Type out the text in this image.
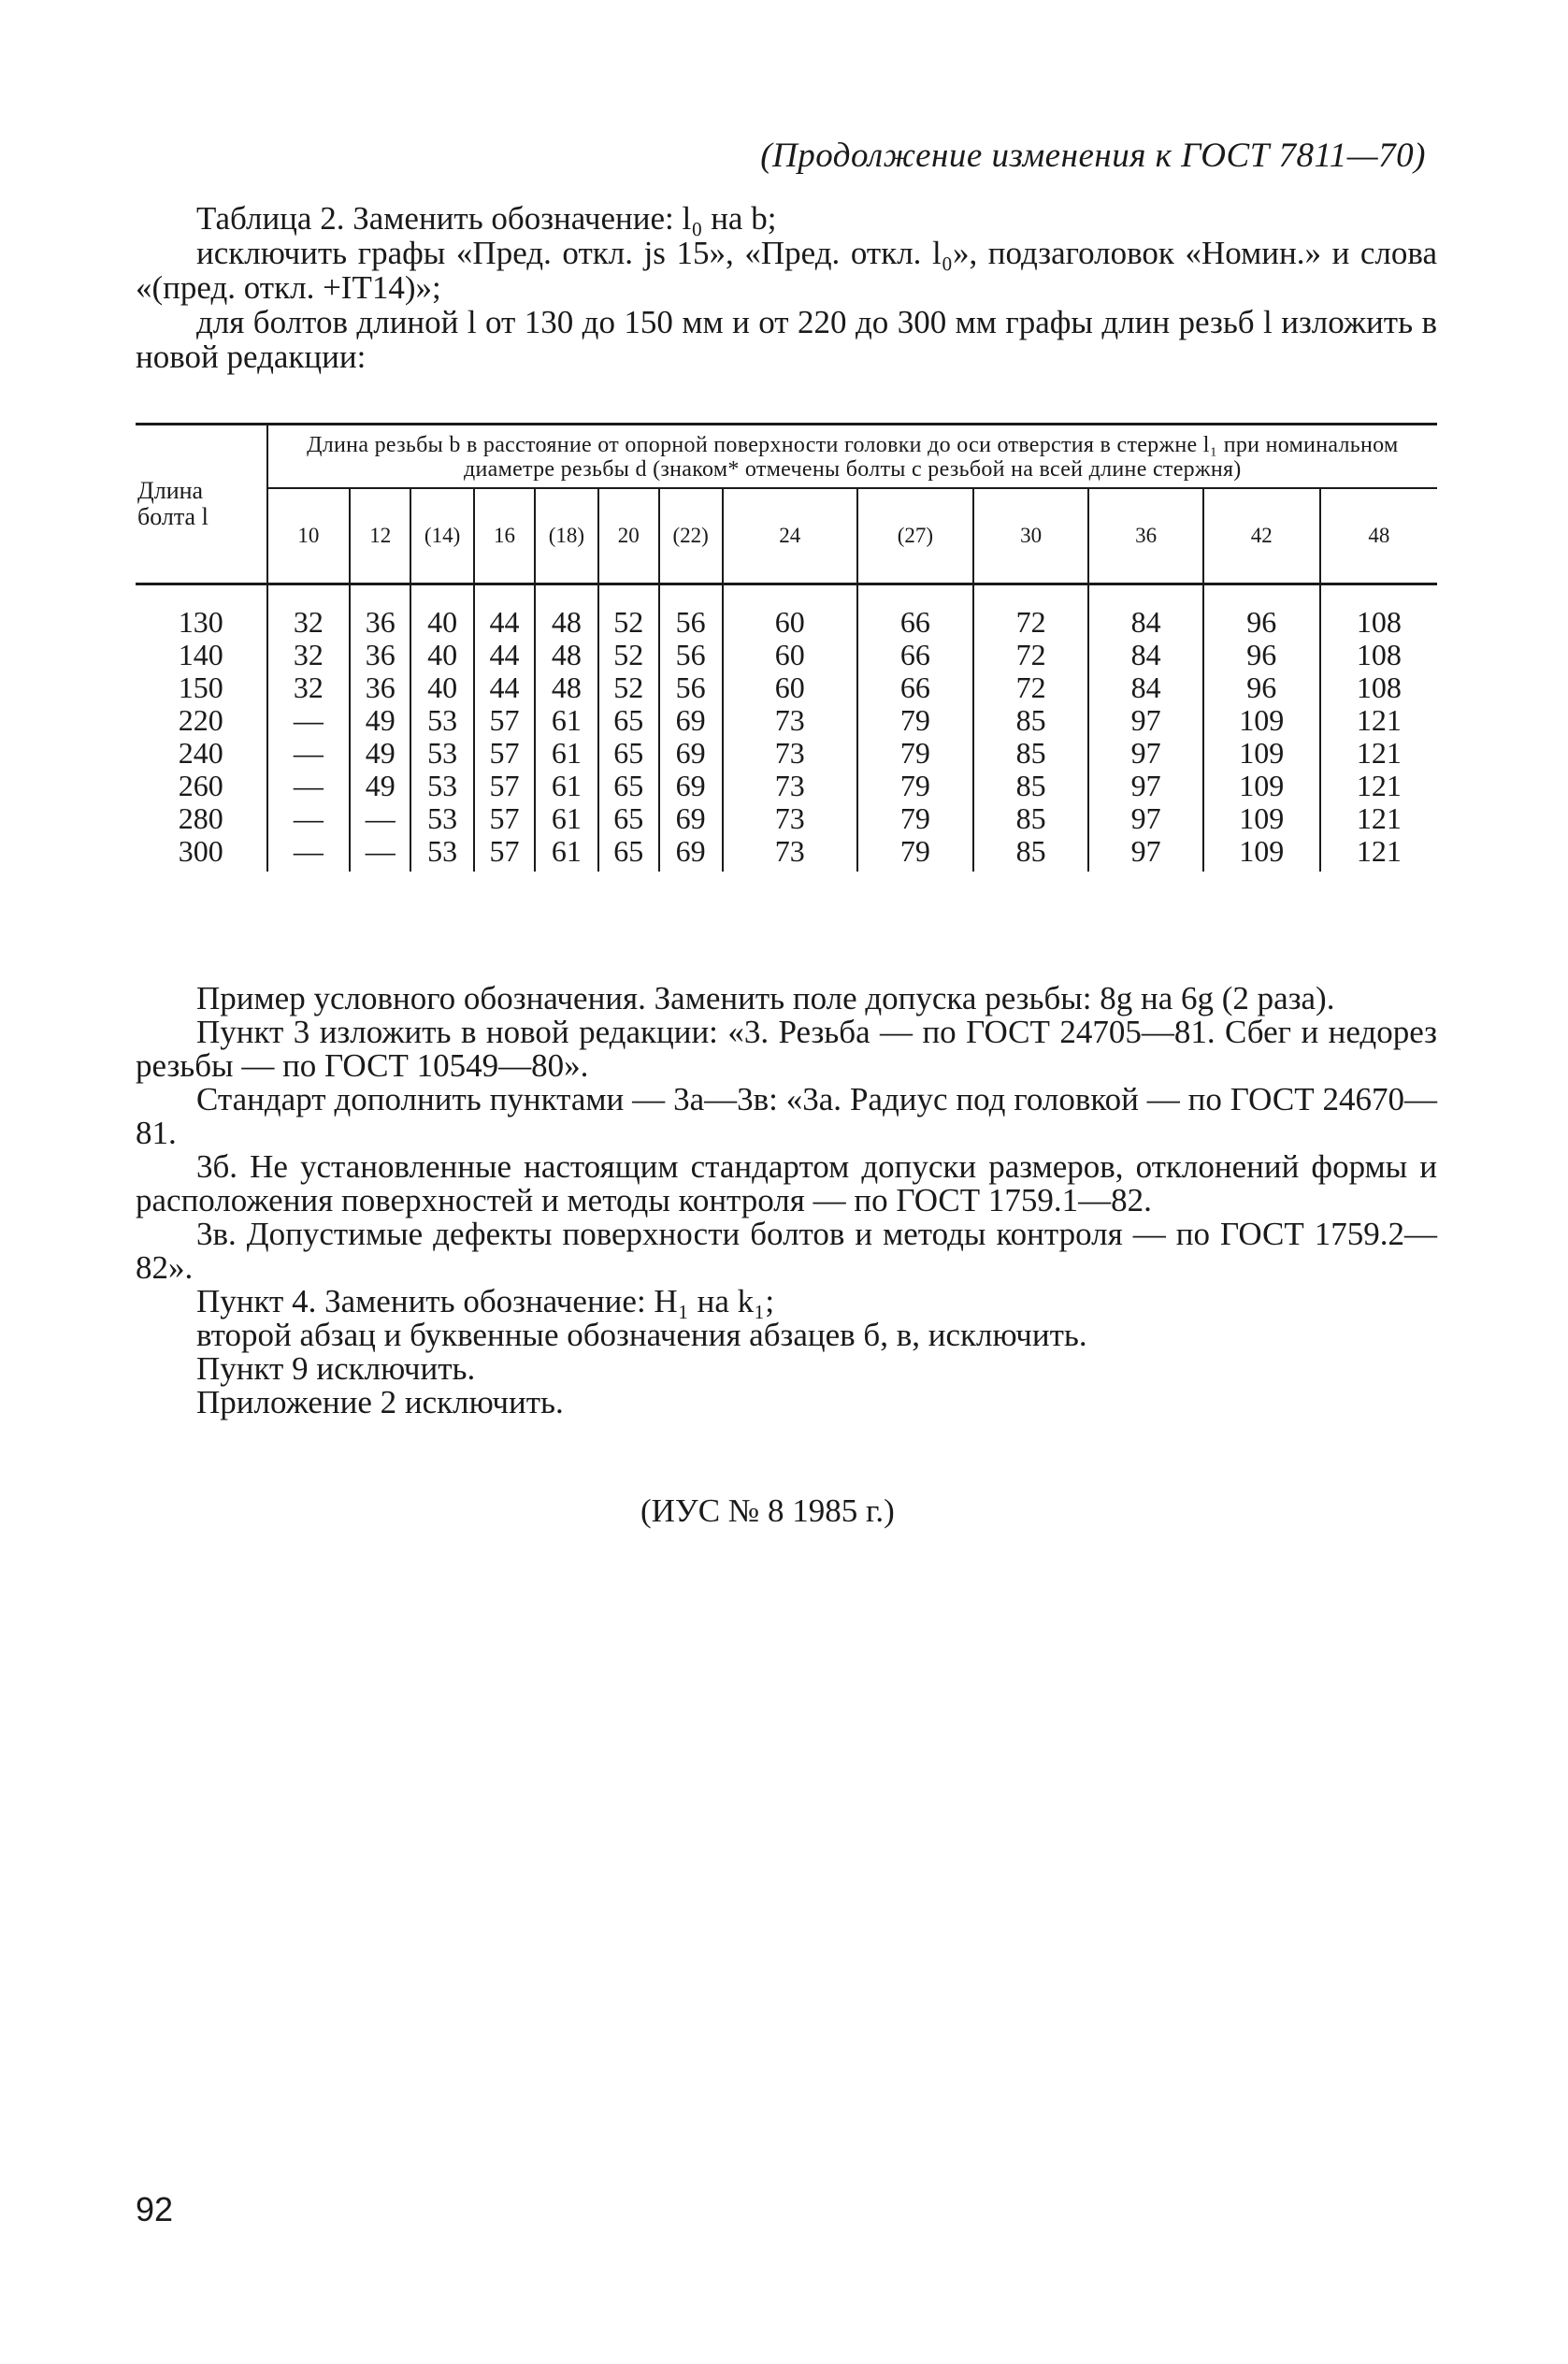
(Продолжение изменения к ГОСТ 7811—70)

Таблица 2. Заменить обозначение: l₀ на b;

исключить графы «Пред. откл. js 15», «Пред. откл. l₀», подзаголовок «Номин.» и слова «(пред. откл. +IT14)»;

для болтов длиной l от 130 до 150 мм и от 220 до 300 мм графы длин резьб l изложить в новой редакции:

Длина болта l	Длина резьбы b в расстояние от опорной поверхности головки до оси отверстия в стержне l₁ при номинальном диаметре резьбы d (знаком* отмечены болты с резьбой на всей длине стержня)												
	10	12	(14)	16	(18)	20	(22)	24	(27)	30	36	42	48
130	32	36	40	44	48	52	56	60	66	72	84	96	108
140	32	36	40	44	48	52	56	60	66	72	84	96	108
150	32	36	40	44	48	52	56	60	66	72	84	96	108
220	—	49	53	57	61	65	69	73	79	85	97	109	121
240	—	49	53	57	61	65	69	73	79	85	97	109	121
260	—	49	53	57	61	65	69	73	79	85	97	109	121
280	—	—	53	57	61	65	69	73	79	85	97	109	121
300	—	—	53	57	61	65	69	73	79	85	97	109	121

Пример условного обозначения. Заменить поле допуска резьбы: 8g на 6g (2 раза).

Пункт 3 изложить в новой редакции: «3. Резьба — по ГОСТ 24705—81. Сбег и недорез резьбы — по ГОСТ 10549—80».

Стандарт дополнить пунктами — 3а—3в: «3а. Радиус под головкой — по ГОСТ 24670—81.

3б. Не установленные настоящим стандартом допуски размеров, отклонений формы и расположения поверхностей и методы контроля — по ГОСТ 1759.1—82.

3в. Допустимые дефекты поверхности болтов и методы контроля — по ГОСТ 1759.2—82».

Пункт 4. Заменить обозначение: H₁ на k₁;

второй абзац и буквенные обозначения абзацев б, в, исключить.

Пункт 9 исключить.

Приложение 2 исключить.

(ИУС № 8 1985 г.)
92
